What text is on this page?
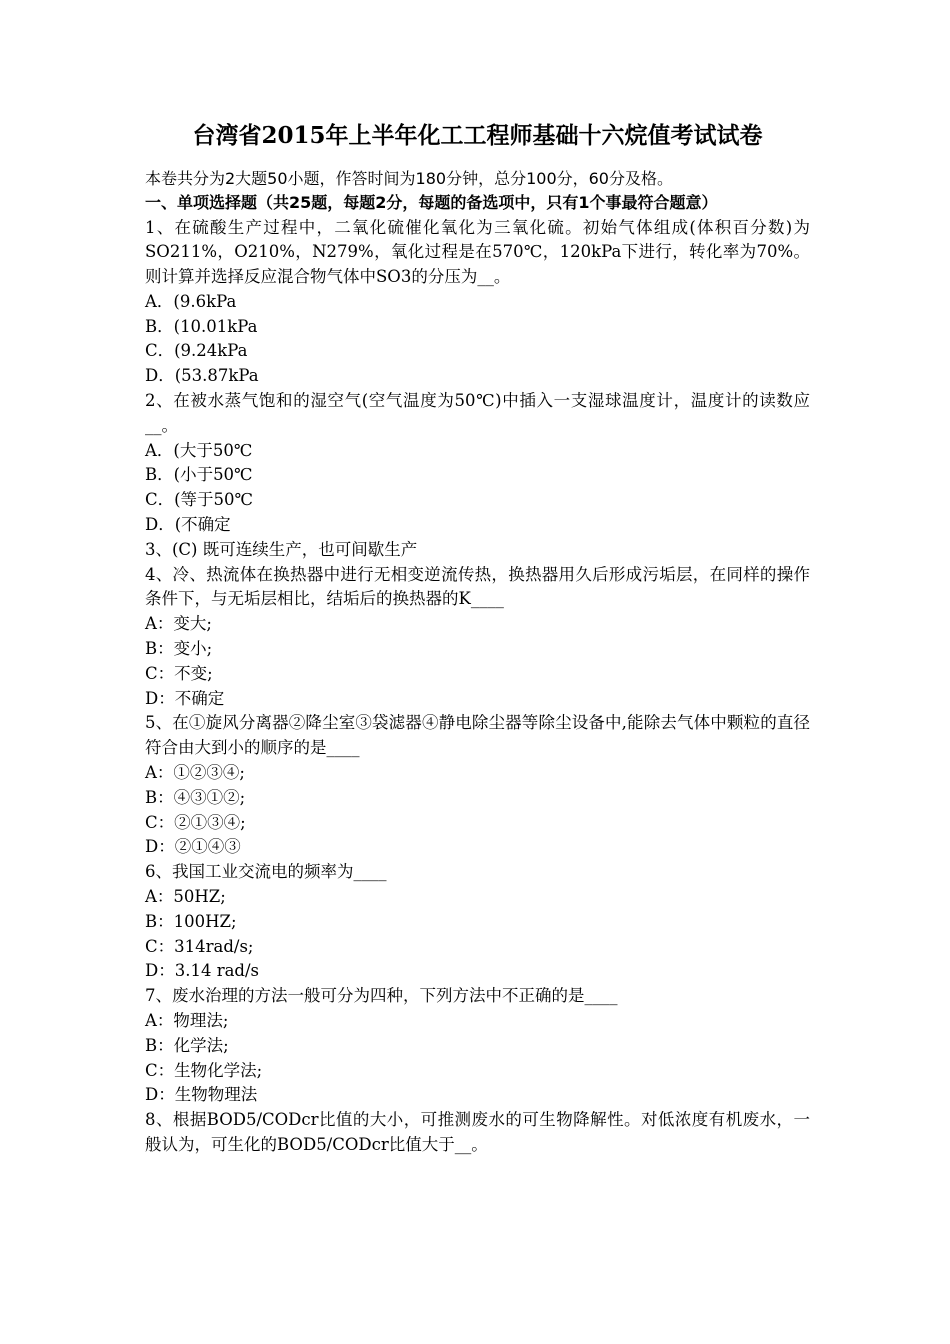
台湾省2015年上半年化工工程师基础十六烷值考试试卷
本卷共分为2大题50小题，作答时间为180分钟，总分100分，60分及格。
一、单项选择题（共25题，每题2分，每题的备选项中，只有1个事最符合题意）
1、在硫酸生产过程中，二氧化硫催化氧化为三氧化硫。初始气体组成(体积百分数)为SO211%，O210%，N279%，氧化过程是在570℃，120kPa下进行，转化率为70%。则计算并选择反应混合物气体中SO3的分压为__。
A．(9.6kPa
B．(10.01kPa
C．(9.24kPa
D．(53.87kPa
2、在被水蒸气饱和的湿空气(空气温度为50℃)中插入一支湿球温度计，温度计的读数应__。
A．(大于50℃
B．(小于50℃
C．(等于50℃
D．(不确定
3、(C) 既可连续生产，也可间歇生产
4、冷、热流体在换热器中进行无相变逆流传热，换热器用久后形成污垢层，在同样的操作条件下，与无垢层相比，结垢后的换热器的K____
A：变大;
B：变小;
C：不变;
D：不确定
5、在①旋风分离器②降尘室③袋滤器④静电除尘器等除尘设备中,能除去气体中颗粒的直径符合由大到小的顺序的是____
A：①②③④;
B：④③①②;
C：②①③④;
D：②①④③
6、我国工业交流电的频率为____
A：50HZ;
B：100HZ;
C：314rad/s;
D：3.14 rad/s
7、废水治理的方法一般可分为四种，下列方法中不正确的是____
A：物理法;
B：化学法;
C：生物化学法;
D：生物物理法
8、根据BOD5/CODcr比值的大小，可推测废水的可生物降解性。对低浓度有机废水，一般认为，可生化的BOD5/CODcr比值大于__。
